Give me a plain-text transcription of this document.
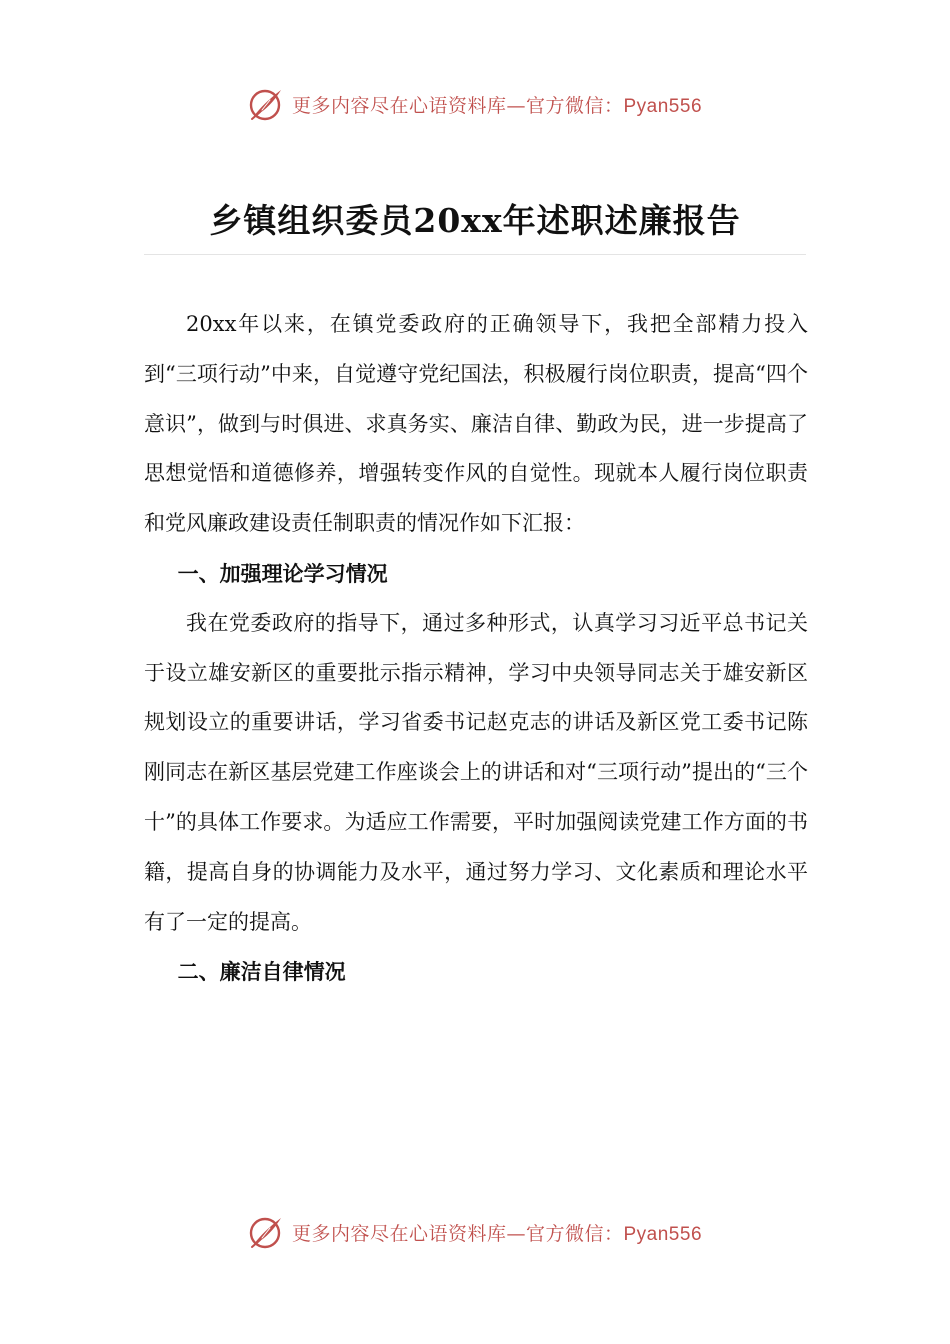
更多内容尽在心语资料库—官方微信：Pyan556
乡镇组织委员20xx年述职述廉报告

20xx年以来，在镇党委政府的正确领导下，我把全部精力投入到“三项行动”中来，自觉遵守党纪国法，积极履行岗位职责，提高“四个意识”，做到与时俱进、求真务实、廉洁自律、勤政为民，进一步提高了思想觉悟和道德修养，增强转变作风的自觉性。现就本人履行岗位职责和党风廉政建设责任制职责的情况作如下汇报：

一、加强理论学习情况

我在党委政府的指导下，通过多种形式，认真学习习近平总书记关于设立雄安新区的重要批示指示精神，学习中央领导同志关于雄安新区规划设立的重要讲话，学习省委书记赵克志的讲话及新区党工委书记陈刚同志在新区基层党建工作座谈会上的讲话和对“三项行动”提出的“三个十”的具体工作要求。为适应工作需要，平时加强阅读党建工作方面的书籍，提高自身的协调能力及水平，通过努力学习、文化素质和理论水平有了一定的提高。

二、廉洁自律情况
更多内容尽在心语资料库—官方微信：Pyan556
